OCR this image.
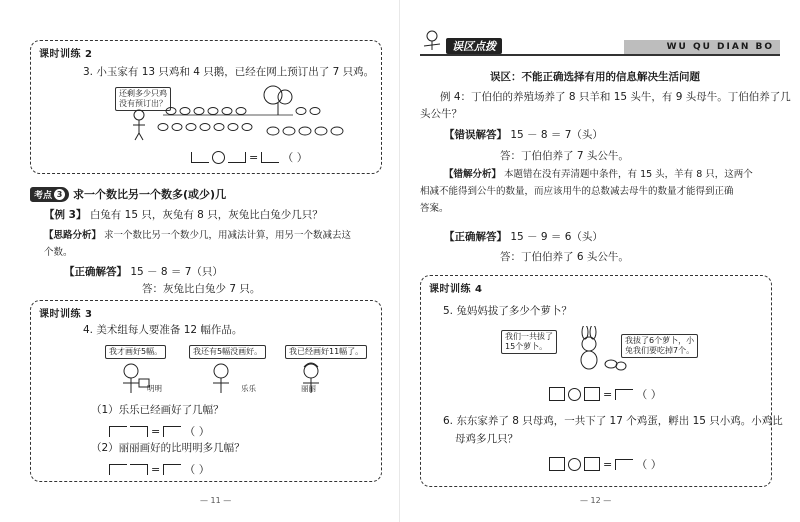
课时训练 2
3. 小玉家有 13 只鸡和 4 只鹅，已经在网上预订出了 7 只鸡。
还剩多少只鸡
没有预订出？
= （ ）
考点 3 求一个数比另一个数多(或少)几
【例 3】 白兔有 15 只，灰兔有 8 只，灰兔比白兔少几只？
【思路分析】 求一个数比另一个数少几，用减法计算，用另一个数减去这
个数。
【正确解答】 15 － 8 ＝ 7（只）
答：灰兔比白兔少 7 只。
课时训练 3
4. 美术组每人要准备 12 幅作品。
我才画好5幅。	我还有5幅没画好。	我已经画好11幅了。
明明	乐乐	丽丽
（1）乐乐已经画好了几幅？
= （ ）
（2）丽丽画好的比明明多几幅？
= （ ）
— 11 —
误区点拨	WU QU DIAN BO
误区：不能正确选择有用的信息解决生活问题
例 4：丁伯伯的养殖场养了 8 只羊和 15 头牛，有 9 头母牛。丁伯伯养了几
头公牛？
【错误解答】 15 － 8 ＝ 7（头）
答：丁伯伯养了 7 头公牛。
【错解分析】 本题错在没有弄清题中条件，有 15 头，羊有 8 只，这两个
相减不能得到公牛的数量，而应该用牛的总数减去母牛的数量才能得到正确
答案。
【正确解答】 15 － 9 ＝ 6（头）
答：丁伯伯养了 6 头公牛。
课时训练 4
5. 兔妈妈拔了多少个萝卜？
我们一共拔了
15个萝卜。
我拔了6个萝卜，小
兔我们要吃掉7个。
= （ ）
6. 东东家养了 8 只母鸡，一共下了 17 个鸡蛋，孵出 15 只小鸡。小鸡比
母鸡多几只？
= （ ）
— 12 —
